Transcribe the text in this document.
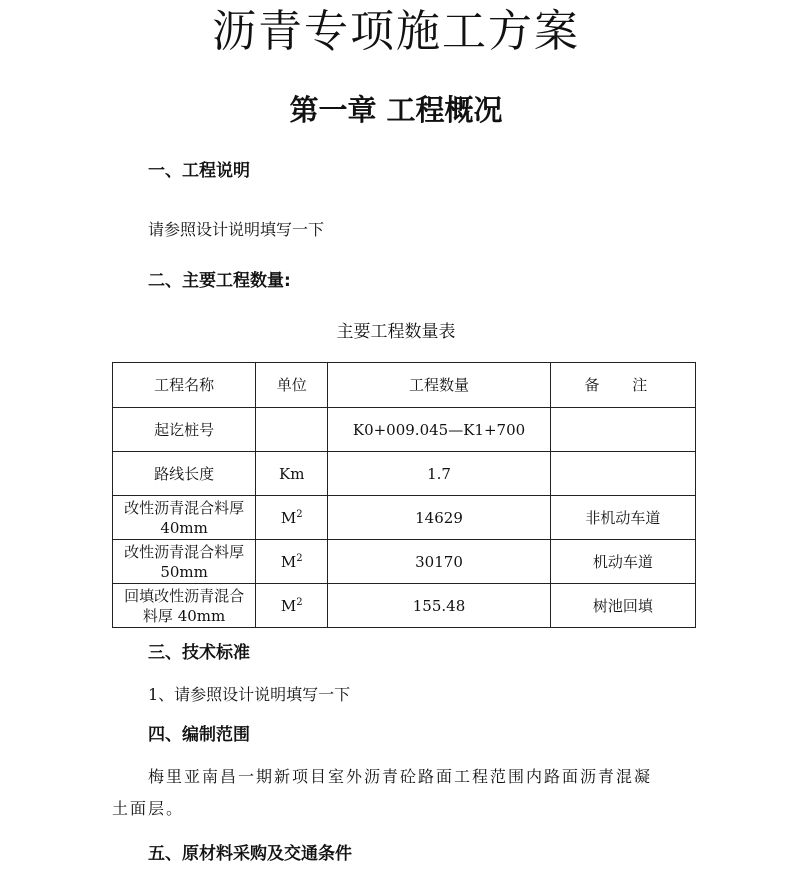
沥青专项施工方案
第一章 工程概况
一、工程说明
请参照设计说明填写一下
二、主要工程数量:
主要工程数量表
工程名称	单位	工程数量	备 注
起讫桩号		K0+009.045—K1+700	
路线长度	Km	1.7	
改性沥青混合料厚40mm	$M^2$	14629	非机动车道
改性沥青混合料厚50mm	$M^2$	30170	机动车道
回填改性沥青混合料厚 40mm	$M^2$	155.48	树池回填
三、技术标准
1、请参照设计说明填写一下
四、编制范围
梅里亚南昌一期新项目室外沥青砼路面工程范围内路面沥青混凝
土面层。
五、原材料采购及交通条件
